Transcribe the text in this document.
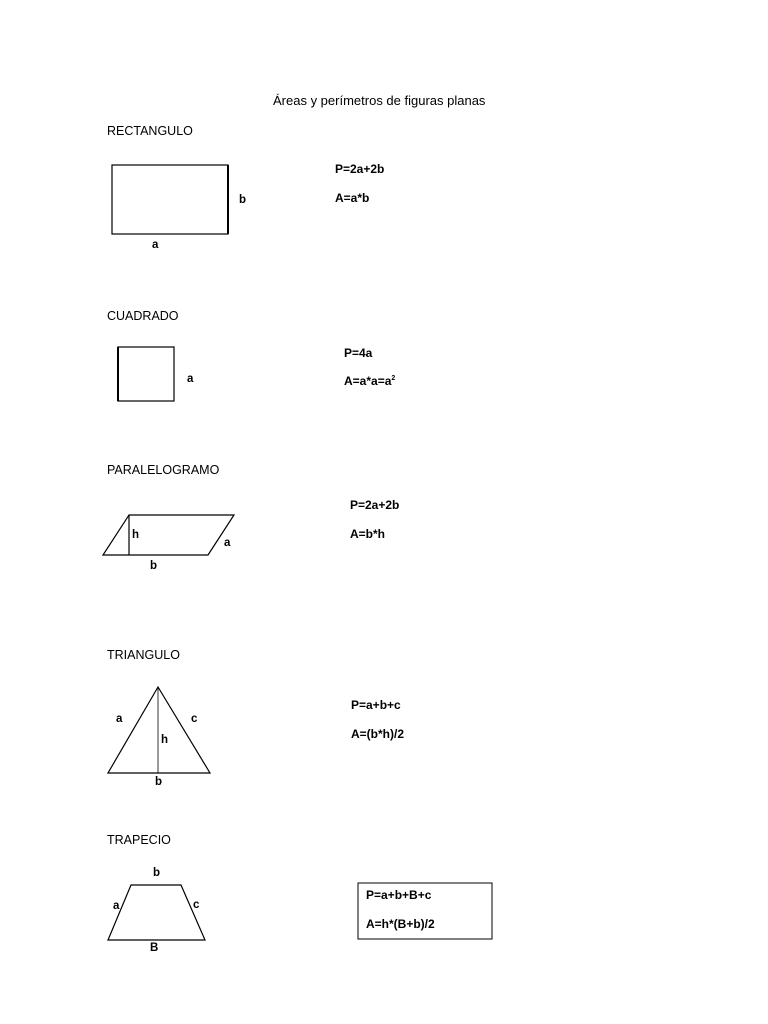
Áreas y perímetros de figuras planas
RECTANGULO
b
a
P=2a+2b
A=a*b
CUADRADO
a
P=4a
$A=a*a=a^2$
PARALELOGRAMO
h
a
b
P=2a+2b
A=b*h
TRIANGULO
a	c
h
b
P=a+b+c
A=(b*h)/2
TRAPECIO
b
a	c
B
P=a+b+B+c
A=h*(B+b)/2
